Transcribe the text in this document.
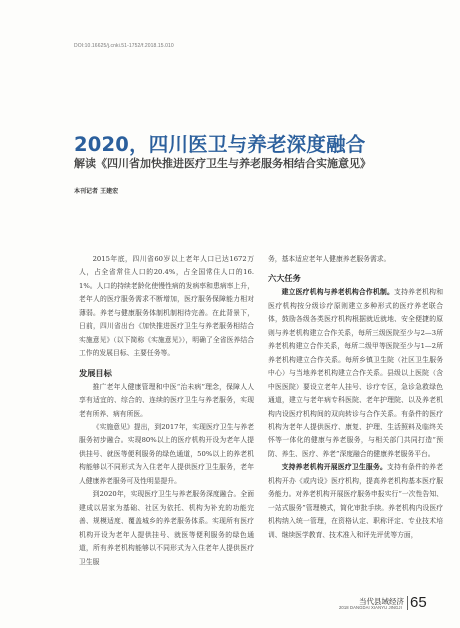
DOI:10.16625/j.cnki.51-1752/f.2018.15.010
2020，四川医卫与养老深度融合
解读《四川省加快推进医疗卫生与养老服务相结合实施意见》
本刊记者 王建宏

2015年底，四川省60岁以上老年人口已达1672万人，占全省常住人口的20.4%，占全国常住人口的16.1%。人口的持续老龄化使慢性病的发病率和患病率上升，老年人的医疗服务需求不断增加，医疗服务保障能力相对薄弱。养老与健康服务体制机制相待完善。在此背景下，日前，四川省出台《加快推进医疗卫生与养老服务相结合实施意见》（以下简称《实施意见》），明确了全省医养结合工作的发展目标、主要任务等。

发展目标

推广老年人健康管理和中医“治未病”理念，保障人人享有适宜的、综合的、连续的医疗卫生与养老服务，实现老有所养、病有所医。

《实施意见》提出，到2017年，实现医疗卫生与养老服务初步融合。实现80%以上的医疗机构开设为老年人提供挂号、就医等便利服务的绿色通道，50%以上的养老机构能够以不同形式为入住老年人提供医疗卫生服务，老年人健康养老服务可及性明显提升。

到2020年，实现医疗卫生与养老服务深度融合。全面建成以居家为基础、社区为依托、机构为补充的功能完善、规模适度、覆盖城乡的养老服务体系。实现所有医疗机构开设为老年人提供挂号、就医等便利服务的绿色通道，所有养老机构能够以不同形式为入住老年人提供医疗卫生服

务，基本适应老年人健康养老服务需求。

六大任务

建立医疗机构与养老机构合作机制。支持养老机构和医疗机构按分级诊疗原则建立多种形式的医疗养老联合体，鼓励各级各类医疗机构根据就近就地、安全便捷的原则与养老机构建立合作关系，每所三级医院至少与2—3所养老机构建立合作关系，每所二级甲等医院至少与1—2所养老机构建立合作关系。每所乡镇卫生院（社区卫生服务中心）与当地养老机构建立合作关系。县级以上医院（含中医医院）要设立老年人挂号、诊疗专区，急诊急救绿色通道，建立与老年病专科医院、老年护理院、以及养老机构内设医疗机构间的双向转诊与合作关系。有条件的医疗机构为老年人提供医疗、康复、护理、生活照料及临终关怀等一体化的健康与养老服务，与相关部门共同打造“预防、养生、医疗、养老”深度融合的健康养老服务平台。

支持养老机构开展医疗卫生服务。支持有条件的养老机构开办《或内设》医疗机构，提高养老机构基本医疗服务能力。对养老机构开展医疗服务申报实行“一次性告知、一站式服务”管理模式，简化审批手续。养老机构内设医疗机构纳入统一管理，在资格认定、职称评定、专业技术培训、继续医学教育、技术准入和评先评优等方面，

当代县域经济
2018 DANGDAI XIANYU JINGJI 65
